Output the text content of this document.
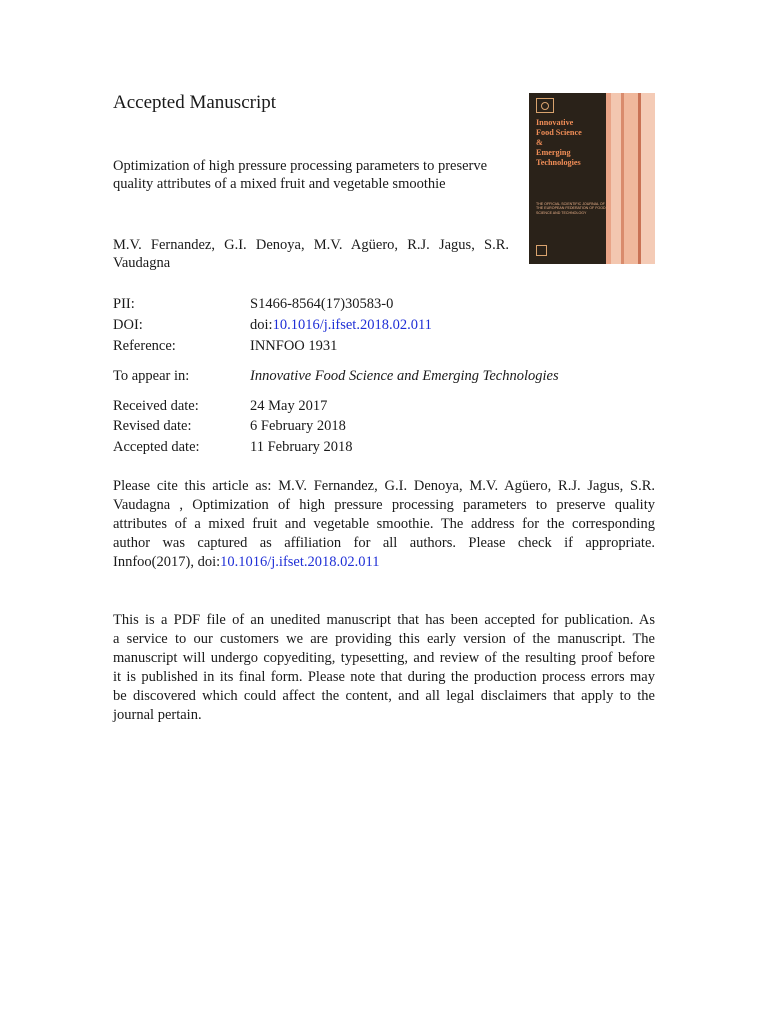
Accepted Manuscript
Optimization of high pressure processing parameters to preserve
quality attributes of a mixed fruit and vegetable smoothie
M.V. Fernandez, G.I. Denoya, M.V. Agüero, R.J. Jagus, S.R.
Vaudagna
Innovative
Food Science
&
Emerging
Technologies
THE OFFICIAL SCIENTIFIC JOURNAL OF THE EUROPEAN FEDERATION OF FOOD SCIENCE AND TECHNOLOGY
PII:	S1466-8564(17)30583-0
DOI:	doi:10.1016/j.ifset.2018.02.011
Reference:	INNFOO 1931
To appear in:	Innovative Food Science and Emerging Technologies
Received date:	24 May 2017
Revised date:	6 February 2018
Accepted date:	11 February 2018
Please cite this article as: M.V. Fernandez, G.I. Denoya, M.V. Agüero, R.J. Jagus, S.R.
Vaudagna , Optimization of high pressure processing parameters to preserve quality
attributes of a mixed fruit and vegetable smoothie. The address for the corresponding
author was captured as affiliation for all authors. Please check if appropriate.
Innfoo(2017), doi:10.1016/j.ifset.2018.02.011
This is a PDF file of an unedited manuscript that has been accepted for publication. As
a service to our customers we are providing this early version of the manuscript. The
manuscript will undergo copyediting, typesetting, and review of the resulting proof before
it is published in its final form. Please note that during the production process errors may
be discovered which could affect the content, and all legal disclaimers that apply to the
journal pertain.
